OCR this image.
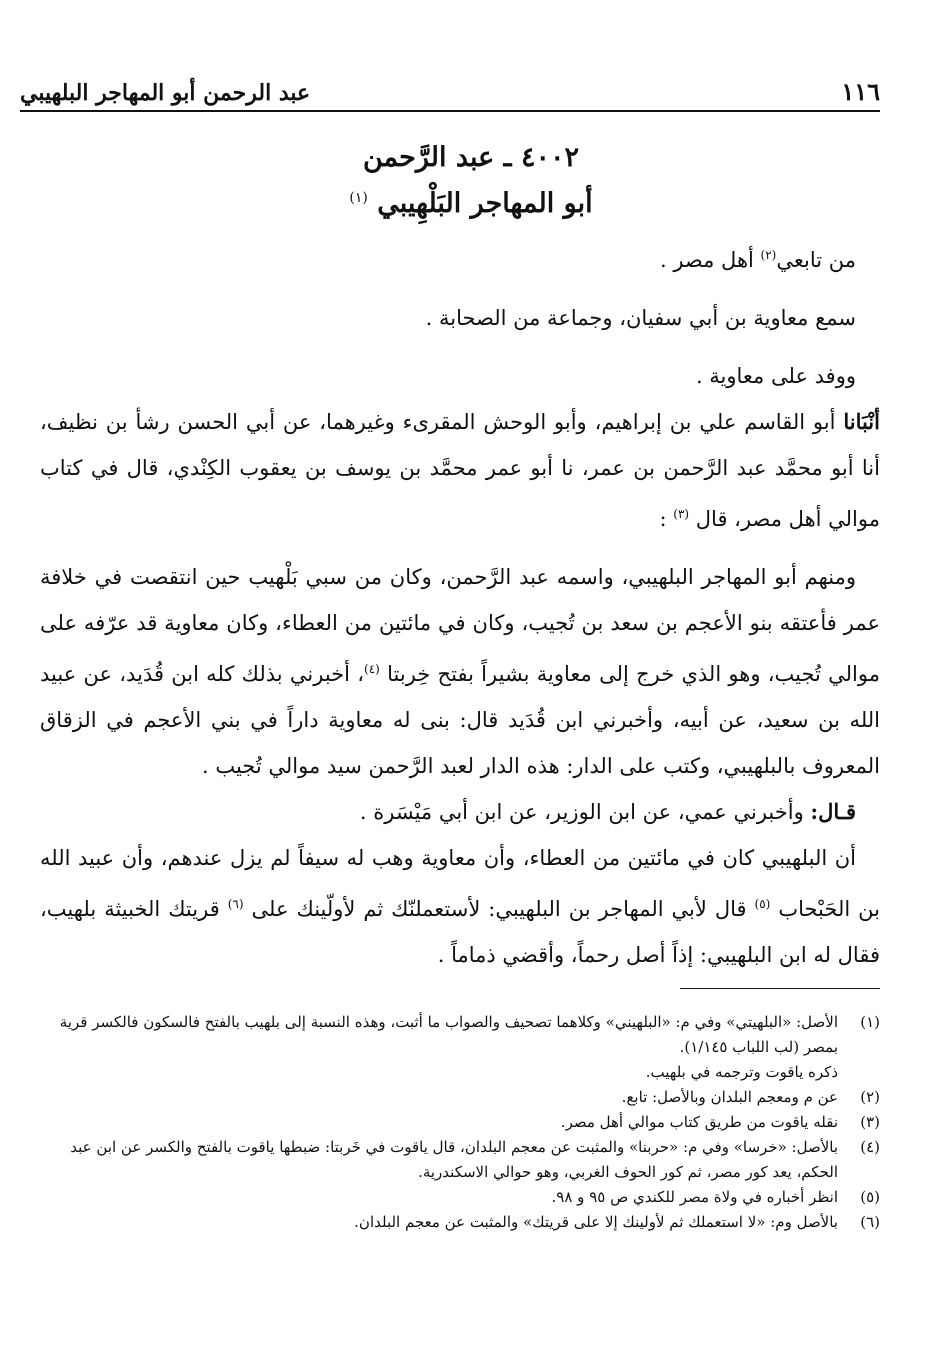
١١٦
عبد الرحمن أبو المهاجر البلهيبي
٤٠٠٢ ـ عبد الرَّحمن
أبو المهاجر البَلْهِيبي $^{(١)}$

من تابعي$^{(٢)}$ أهل مصر .

سمع معاوية بن أبي سفيان، وجماعة من الصحابة .

ووفد على معاوية .

أنْبَانا أبو القاسم علي بن إبراهيم، وأبو الوحش المقرىء وغيرهما، عن أبي الحسن رشأ بن نظيف، أنا أبو محمَّد عبد الرَّحمن بن عمر، نا أبو عمر محمَّد بن يوسف بن يعقوب الكِنْدي، قال في كتاب موالي أهل مصر، قال $^{(٣)}$ :

ومنهم أبو المهاجر البلهيبي، واسمه عبد الرَّحمن، وكان من سبي بَلْهيب حين انتقصت في خلافة عمر فأعتقه بنو الأعجم بن سعد بن تُجيب، وكان في مائتين من العطاء، وكان معاوية قد عرّفه على موالي تُجيب، وهو الذي خرج إلى معاوية بشيراً بفتح خِربتا $^{(٤)}$، أخبرني بذلك كله ابن قُدَيد، عن عبيد الله بن سعيد، عن أبيه، وأخبرني ابن قُدَيد قال: بنى له معاوية داراً في بني الأعجم في الزقاق المعروف بالبلهيبي، وكتب على الدار: هذه الدار لعبد الرَّحمن سيد موالي تُجيب .

قـال: وأخبرني عمي، عن ابن الوزير، عن ابن أبي مَيْسَرة .

أن البلهيبي كان في مائتين من العطاء، وأن معاوية وهب له سيفاً لم يزل عندهم، وأن عبيد الله بن الحَبْحاب $^{(٥)}$ قال لأبي المهاجر بن البلهيبي: لأستعملنّك ثم لأولّينك على $^{(٦)}$ قريتك الخبيثة بلهيب، فقال له ابن البلهيبي: إذاً أصل رحماً، وأقضي ذماماً .

(١)
الأصل: «البلهيتي» وفي م: «البلهيني» وكلاهما تصحيف والصواب ما أثبت، وهذه النسبة إلى بلهيب بالفتح فالسكون فالكسر قرية بمصر (لب اللباب ١/١٤٥).
ذكره ياقوت وترجمه في بلهيب.
(٢)
عن م ومعجم البلدان وبالأصل: تابع.
(٣)
نقله ياقوت من طريق كتاب موالي أهل مصر.
(٤)
بالأصل: «خرسا» وفي م: «حربنا» والمثبت عن معجم البلدان، قال ياقوت في خَربتا: ضبطها ياقوت بالفتح والكسر عن ابن عبد الحكم، يعد كور مصر، ثم كور الحوف الغربي، وهو حوالي الاسكندرية.
(٥)
انظر أخباره في ولاة مصر للكندي ص ٩٥ و ٩٨.
(٦)
بالأصل وم: «لا استعملك ثم لأولينك إلا على قريتك» والمثبت عن معجم البلدان.
